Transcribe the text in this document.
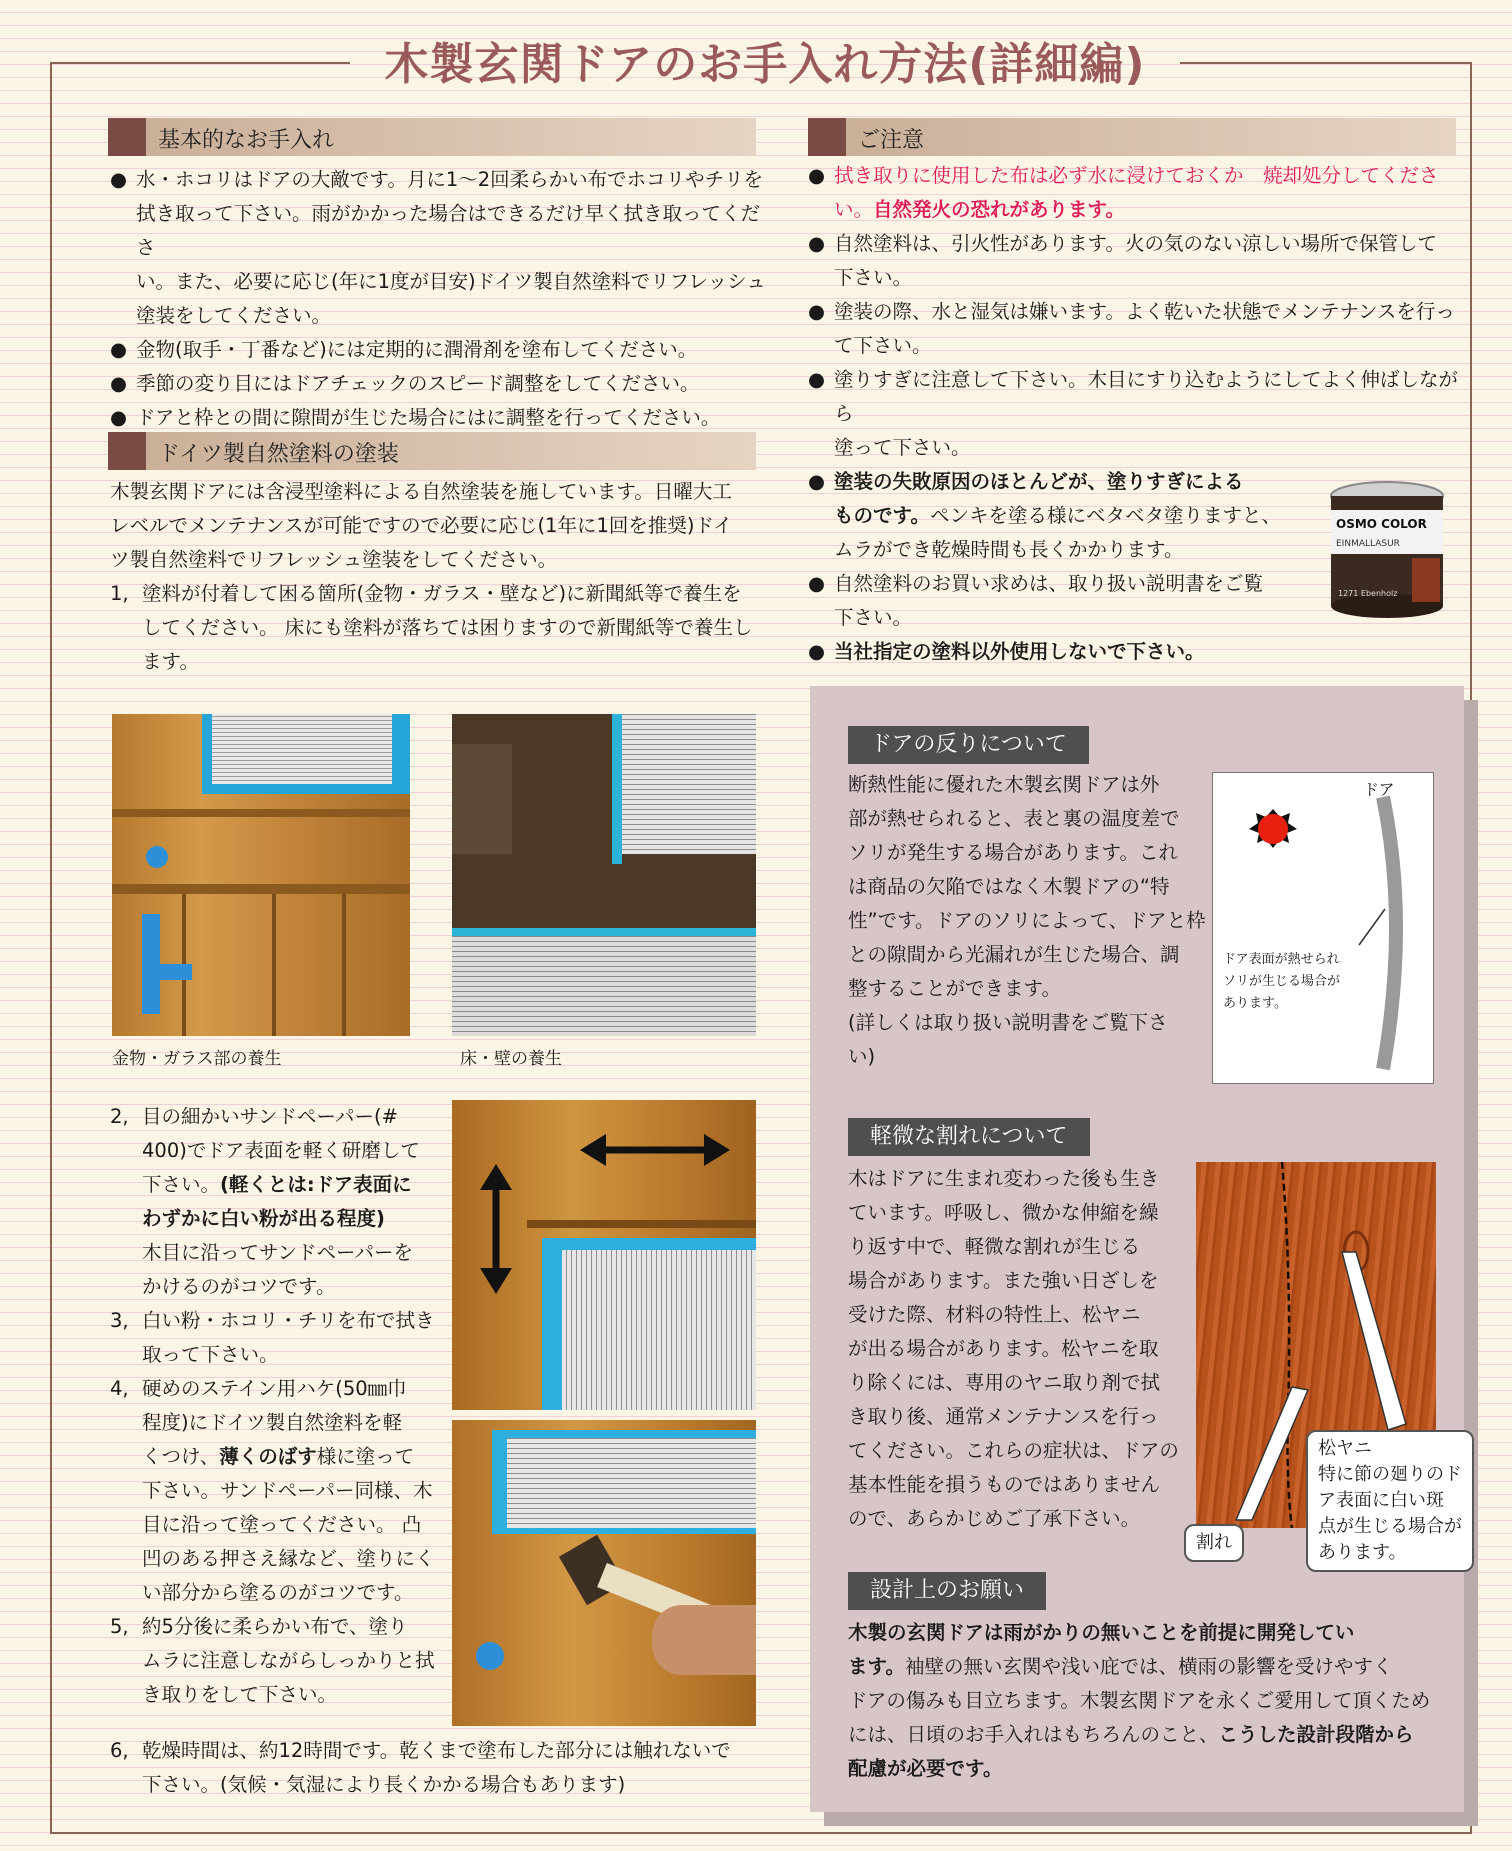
木製玄関ドアのお手入れ方法(詳細編)
基本的なお手入れ
● 水・ホコリはドアの大敵です。月に1〜2回柔らかい布でホコリやチリを
拭き取って下さい。雨がかかった場合はできるだけ早く拭き取ってくださ
い。また、必要に応じ(年に1度が目安)ドイツ製自然塗料でリフレッシュ
塗装をしてください。
● 金物(取手・丁番など)には定期的に潤滑剤を塗布してください。
● 季節の変り目にはドアチェックのスピード調整をしてください。
● ドアと枠との間に隙間が生じた場合にはに調整を行ってください。
ドイツ製自然塗料の塗装
木製玄関ドアには含浸型塗料による自然塗装を施しています。日曜大工
レベルでメンテナンスが可能ですので必要に応じ(1年に1回を推奨)ドイ
ツ製自然塗料でリフレッシュ塗装をしてください。
1, 塗料が付着して困る箇所(金物・ガラス・壁など)に新聞紙等で養生を
してください。 床にも塗料が落ちては困りますので新聞紙等で養生し
ます。
金物・ガラス部の養生	床・壁の養生
2, 目の細かいサンドペーパー(#
400)でドア表面を軽く研磨して
下さい。(軽くとは:ドア表面に
わずかに白い粉が出る程度)
木目に沿ってサンドペーパーを
かけるのがコツです。
3, 白い粉・ホコリ・チリを布で拭き
取って下さい。
4, 硬めのステイン用ハケ(50㎜巾
程度)にドイツ製自然塗料を軽
くつけ、薄くのばす様に塗って
下さい。サンドペーパー同様、木
目に沿って塗ってください。 凸
凹のある押さえ縁など、塗りにく
い部分から塗るのがコツです。
5, 約5分後に柔らかい布で、塗り
ムラに注意しながらしっかりと拭
き取りをして下さい。
6, 乾燥時間は、約12時間です。乾くまで塗布した部分には触れないで
下さい。(気候・気湿により長くかかる場合もあります)
ご注意
● 拭き取りに使用した布は必ず水に浸けておくか　焼却処分してくださ
い。自然発火の恐れがあります。
● 自然塗料は、引火性があります。火の気のない涼しい場所で保管して
下さい。
● 塗装の際、水と湿気は嫌います。よく乾いた状態でメンテナンスを行っ
て下さい。
● 塗りすぎに注意して下さい。木目にすり込むようにしてよく伸ばしながら
塗って下さい。
● 塗装の失敗原因のほとんどが、塗りすぎによる
ものです。ペンキを塗る様にベタベタ塗りますと、
ムラができ乾燥時間も長くかかります。
● 自然塗料のお買い求めは、取り扱い説明書をご覧
下さい。
● 当社指定の塗料以外使用しないで下さい。
OSMO COLOR
EINMALLASUR
1271 Ebenholz
ドアの反りについて
断熱性能に優れた木製玄関ドアは外
部が熱せられると、表と裏の温度差で
ソリが発生する場合があります。これ
は商品の欠陥ではなく木製ドアの“特
性”です。ドアのソリによって、ドアと枠
との隙間から光漏れが生じた場合、調
整することができます。
(詳しくは取り扱い説明書をご覧下さ
い)
ドア
ドア表面が熱せられ
ソリが生じる場合が
あります。
軽微な割れについて
木はドアに生まれ変わった後も生き
ています。呼吸し、微かな伸縮を繰
り返す中で、軽微な割れが生じる
場合があります。また強い日ざしを
受けた際、材料の特性上、松ヤニ
が出る場合があります。松ヤニを取
り除くには、専用のヤニ取り剤で拭
き取り後、通常メンテナンスを行っ
てください。これらの症状は、ドアの
基本性能を損うものではありません
ので、あらかじめご了承下さい。
割れ
松ヤニ
特に節の廻りのド
ア表面に白い斑
点が生じる場合が
あります。
設計上のお願い
木製の玄関ドアは雨がかりの無いことを前提に開発してい
ます。袖壁の無い玄関や浅い庇では、横雨の影響を受けやすく
ドアの傷みも目立ちます。木製玄関ドアを永くご愛用して頂くため
には、日頃のお手入れはもちろんのこと、こうした設計段階から
配慮が必要です。
